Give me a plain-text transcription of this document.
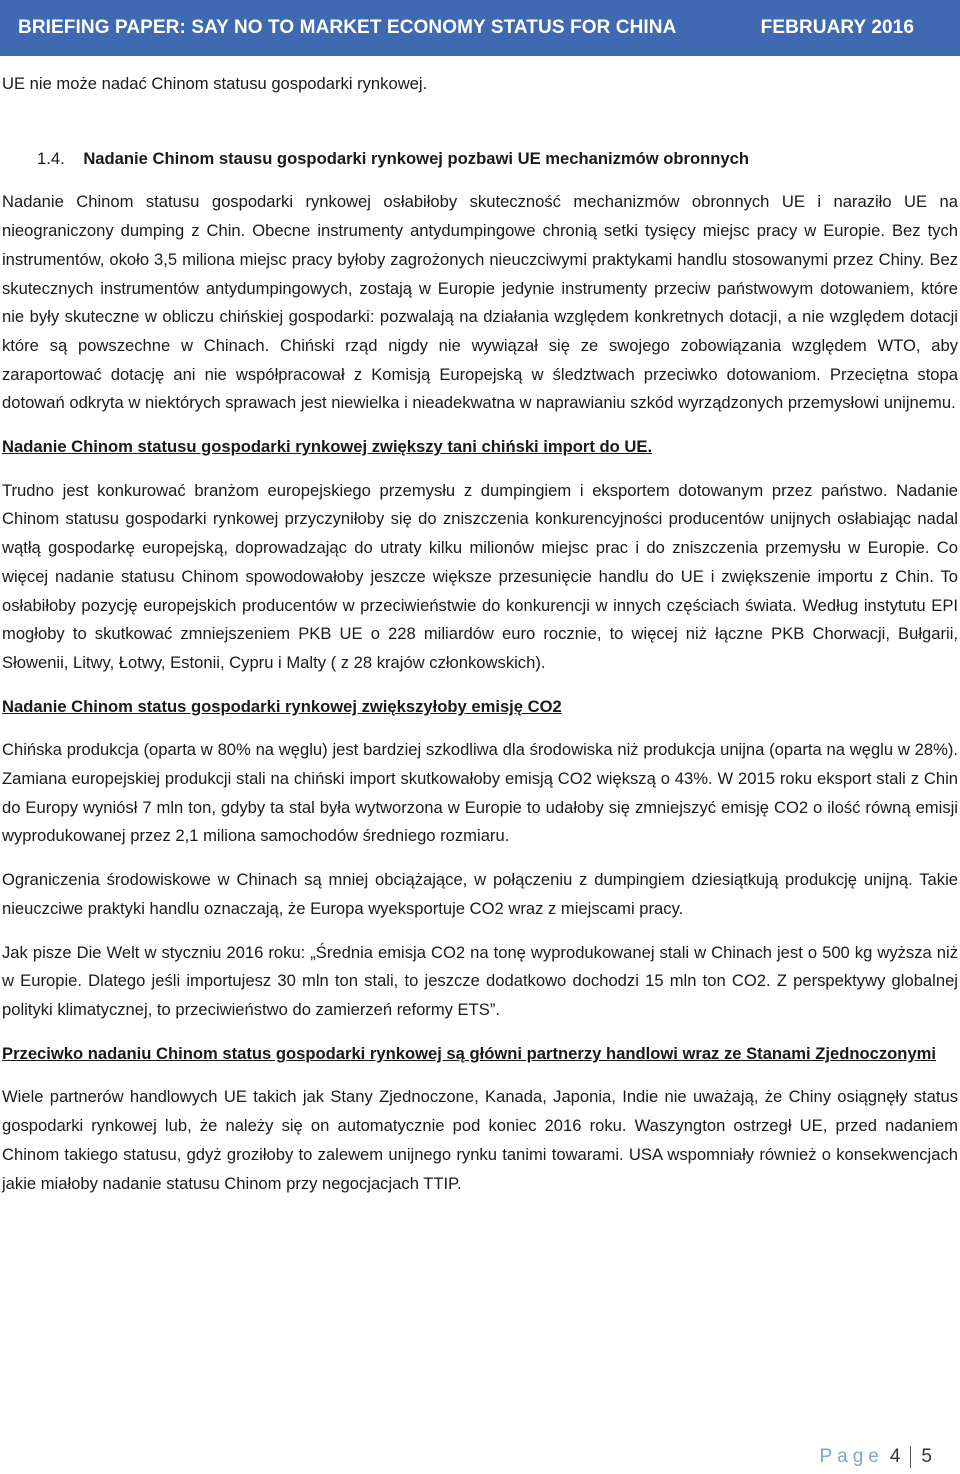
BRIEFING PAPER: SAY NO TO MARKET ECONOMY STATUS FOR CHINA	FEBRUARY 2016

UE nie może nadać Chinom statusu gospodarki rynkowej.

1.4. Nadanie Chinom stausu gospodarki rynkowej pozbawi UE mechanizmów obronnych

Nadanie Chinom statusu gospodarki rynkowej osłabiłoby skuteczność mechanizmów obronnych UE i naraziło UE na nieograniczony dumping z Chin. Obecne instrumenty antydumpingowe chronią setki tysięcy miejsc pracy w Europie. Bez tych instrumentów, około 3,5 miliona miejsc pracy byłoby zagrożonych nieuczciwymi praktykami handlu stosowanymi przez Chiny. Bez skutecznych instrumentów antydumpingowych, zostają w Europie jedynie instrumenty przeciw państwowym dotowaniem, które nie były skuteczne w obliczu chińskiej gospodarki: pozwalają na działania względem konkretnych dotacji, a nie względem dotacji które są powszechne w Chinach. Chiński rząd nigdy nie wywiązał się ze swojego zobowiązania względem WTO, aby zaraportować dotację ani nie współpracował z Komisją Europejską w śledztwach przeciwko dotowaniom. Przeciętna stopa dotowań odkryta w niektórych sprawach jest niewielka i nieadekwatna w naprawianiu szkód wyrządzonych przemysłowi unijnemu.

Nadanie Chinom statusu gospodarki rynkowej zwiększy tani chiński import do UE.

Trudno jest konkurować branżom europejskiego przemysłu z dumpingiem i eksportem dotowanym przez państwo. Nadanie Chinom statusu gospodarki rynkowej przyczyniłoby się do zniszczenia konkurencyjności producentów unijnych osłabiając nadal wątłą gospodarkę europejską, doprowadzając do utraty kilku milionów miejsc prac i do zniszczenia przemysłu w Europie. Co więcej nadanie statusu Chinom spowodowałoby jeszcze większe przesunięcie handlu do UE i zwiększenie importu z Chin. To osłabiłoby pozycję europejskich producentów w przeciwieństwie do konkurencji w innych częściach świata. Według instytutu EPI mogłoby to skutkować zmniejszeniem PKB UE o 228 miliardów euro rocznie, to więcej niż łączne PKB Chorwacji, Bułgarii, Słowenii, Litwy, Łotwy, Estonii, Cypru i Malty ( z 28 krajów członkowskich).

Nadanie Chinom status gospodarki rynkowej zwiększyłoby emisję CO2

Chińska produkcja (oparta w 80% na węglu) jest bardziej szkodliwa dla środowiska niż produkcja unijna (oparta na węglu w 28%). Zamiana europejskiej produkcji stali na chiński import skutkowałoby emisją CO2 większą o 43%. W 2015 roku eksport stali z Chin do Europy wyniósł 7 mln ton, gdyby ta stal była wytworzona w Europie to udałoby się zmniejszyć emisję CO2 o ilość równą emisji wyprodukowanej przez 2,1 miliona samochodów średniego rozmiaru.

Ograniczenia środowiskowe w Chinach są mniej obciążające, w połączeniu z dumpingiem dziesiątkują produkcję unijną. Takie nieuczciwe praktyki handlu oznaczają, że Europa wyeksportuje CO2 wraz z miejscami pracy.

Jak pisze Die Welt w styczniu 2016 roku: „Średnia emisja CO2 na tonę wyprodukowanej stali w Chinach jest o 500 kg wyższa niż w Europie. Dlatego jeśli importujesz 30 mln ton stali, to jeszcze dodatkowo dochodzi 15 mln ton CO2. Z perspektywy globalnej polityki klimatycznej, to przeciwieństwo do zamierzeń reformy ETS”.

Przeciwko nadaniu Chinom status gospodarki rynkowej są główni partnerzy handlowi wraz ze Stanami Zjednoczonymi

Wiele partnerów handlowych UE takich jak Stany Zjednoczone, Kanada, Japonia, Indie nie uważają, że Chiny osiągnęły status gospodarki rynkowej lub, że należy się on automatycznie pod koniec 2016 roku. Waszyngton ostrzegł UE, przed nadaniem Chinom takiego statusu, gdyż groziłoby to zalewem unijnego rynku tanimi towarami. USA wspomniały również o konsekwencjach jakie miałoby nadanie statusu Chinom przy negocjacjach TTIP.

Page 4 5
